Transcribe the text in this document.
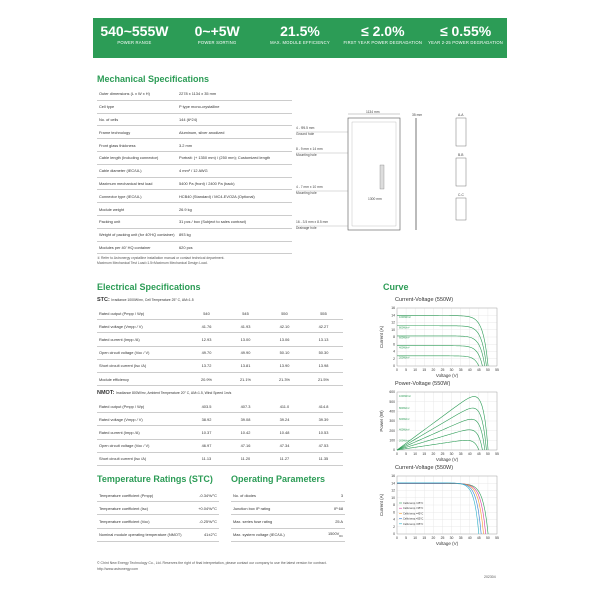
540~555W
POWER RANGE
0~+5W
POWER SORTING
21.5%
MAX. MODULE EFFICIENCY
≤ 2.0%
FIRST YEAR POWER DEGRADATION
≤ 0.55%
YEAR 2-25 POWER DEGRADATION
Mechanical Specifications
Outer dimensions (L x W x H)	2278 x 1134 x 35 mm
Cell type	P type mono-crystalline
No. of cells	144 (6*24)
Frame technology	Aluminum, silver anodized
Front glass thickness	3.2 mm
Cable length (Including connector)	Portrait: (+ 1350 mm) / (250 mm); Customized length
Cable diameter (IEC/UL)	4 mm² / 12 AWG
Maximum mechanical test load	5400 Pa (front) / 2400 Pa (back)
Connector type (IEC/UL)	HCB40 (Standard) / MC4-EVO2A (Optional)
Module weight	26.9 kg
Packing unit	31 pcs / box (Subject to sales contract)
Weight of packing unit (for 40'HQ container)	893 kg
Modules per 40' HQ container	620 pcs
① Refer to Astronergy crystalline installation manual or contact technical department.
Maximum Mechanical Test Load=1.5×Maximum Mechanical Design Load.
4 - Φ5.5 mm
Ground hole
8 - 9 mm x 14 mm
Mounting hole
4 - 7 mm x 10 mm
Mounting hole
16 - 3.5 mm x 8.5 mm
Drainage hole
1134 mm
35 mm	A-A
B-B
C-C
1300 mm
Electrical Specifications
STC: Irradiance 1000W/m², Cell Temperature 25° C, AM=1.5
Rated output (Pmpp / Wp)	540	545	550	555
Rated voltage (Vmpp / V)	41.76	41.93	42.10	42.27
Rated current (Impp /A)	12.93	13.00	13.06	13.13
Open circuit voltage (Voc / V)	49.70	49.90	50.10	50.30
Short circuit current (Isc /A)	13.72	13.81	13.90	13.98
Module efficiency	20.9%	21.1%	21.3%	21.5%
NMOT: Irradiance 800W/m², Ambient Temperature 20° C, AM=1.5, Wind Speed 1m/s
Rated output (Pmpp / Wp)	403.5	407.3	411.0	414.8
Rated voltage (Vmpp / V)	38.92	39.08	39.24	39.39
Rated current (Impp /A)	10.37	10.42	10.48	10.53
Open circuit voltage (Voc / V)	46.97	47.16	47.34	47.53
Short circuit current (Isc /A)	11.13	11.20	11.27	11.35
Temperature Ratings (STC)
Temperature coefficient (Pmpp)	-0.34%/°C
Temperature coefficient (Isc)	+0.04%/°C
Temperature coefficient (Voc)	-0.25%/°C
Nominal module operating temperature (NMOT)	41±2°C
Operating Parameters
No. of diodes	3
Junction box IP rating	IP 68
Max. series fuse rating	25 A
Max. system voltage (IEC/UL)	$1500V_{DC}$
Curve
Current-Voltage (550W)
0
2
4
6
8
10
12
14
16
0 5 10 15 20 25 30 35 40 45 50 55
Voltage (V)
Current (A)
1000W/m²
800W/m²
600W/m²
400W/m²
200W/m²
Power-Voltage (550W)
0
100
200
300
400
500
600
0 5 10 15 20 25 30 35 40 45 50 55
Voltage (V)
Power (W)
1000W/m²
800W/m²
600W/m²
400W/m²
200W/m²
Current-Voltage (550W)
0
2
4
6
8
10
12
14
16
0 5 10 15 20 25 30 35 40 45 50 55
Voltage (V)
Current (A)	Cells temp.=25°C
Cells temp.=35°C
Cells temp.=45°C
Cells temp.=55°C
Cells temp.=65°C
© Chint New Energy Technology Co., Ltd. Reserves the right of final interpretation, please contact our company to use the latest version for contract.
http://www.astronergy.com
202304
